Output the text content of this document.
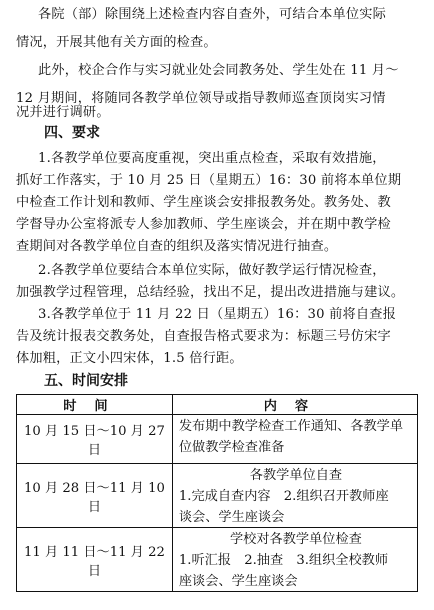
各院（部）除围绕上述检查内容自查外，可结合本单位实际
情况，开展其他有关方面的检查。
此外，校企合作与实习就业处会同教务处、学生处在 11 月～
12 月期间，将随同各教学单位领导或指导教师巡查顶岗实习情
况并进行调研。
四、要求
1.各教学单位要高度重视，突出重点检查，采取有效措施，
抓好工作落实，于 10 月 25 日（星期五）16：30 前将本单位期
中检查工作计划和教师、学生座谈会安排报教务处。教务处、教
学督导办公室将派专人参加教师、学生座谈会，并在期中教学检
查期间对各教学单位自查的组织及落实情况进行抽查。
2.各教学单位要结合本单位实际，做好教学运行情况检查，
加强教学过程管理，总结经验，找出不足，提出改进措施与建议。
3.各教学单位于 11 月 22 日（星期五）16：30 前将自查报
告及统计报表交教务处，自查报告格式要求为：标题三号仿宋字
体加粗，正文小四宋体，1.5 倍行距。
五、时间安排
时间	内容
10 月 15 日～10 月 27 日	发布期中教学检查工作通知、各教学单
位做教学检查准备

10 月 28 日～11 月 10 日	各教学单位自查
1.完成自查内容　2.组织召开教师座
谈会、学生座谈会

11 月 11 日～11 月 22 日	学校对各教学单位检查
1.听汇报　2.抽查　3.组织全校教师
座谈会、学生座谈会
